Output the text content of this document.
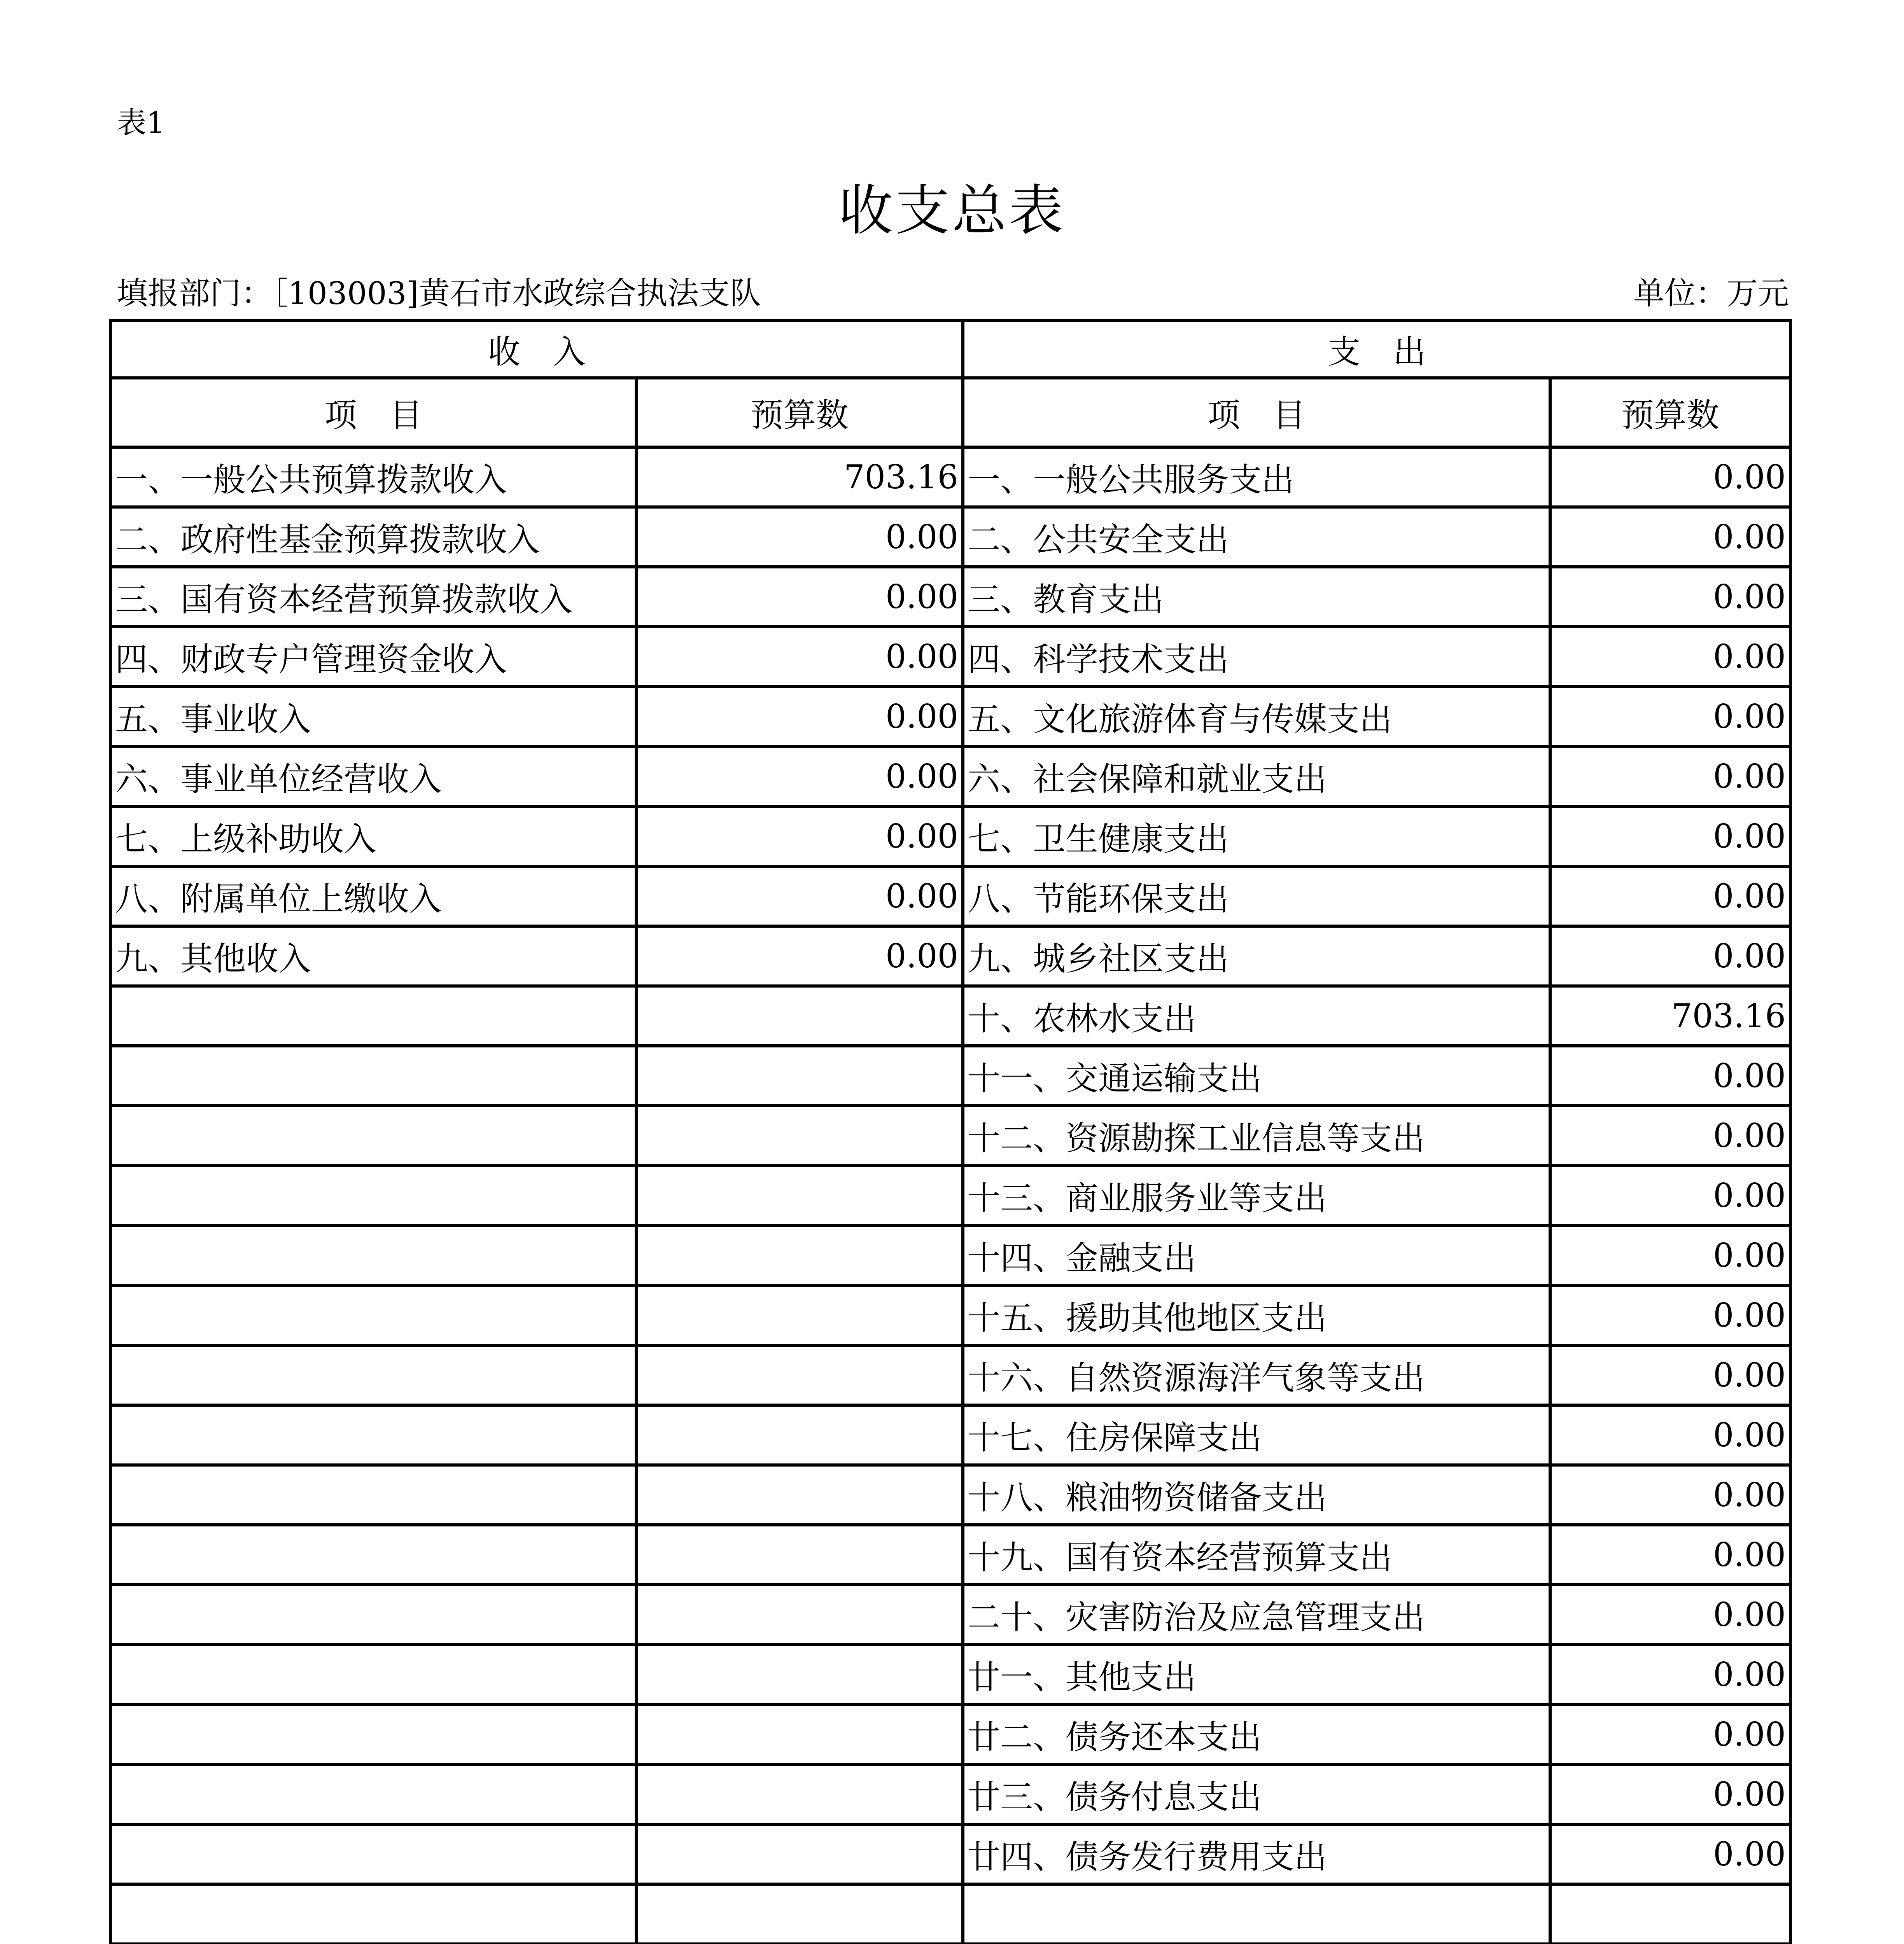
表1
收支总表
填报部门：［103003]黄石市水政综合执法支队	单位：万元
收　入		支　出	
项　目	预算数	项　目	预算数
一、一般公共预算拨款收入	703.16	一、一般公共服务支出	0.00
二、政府性基金预算拨款收入	0.00	二、公共安全支出	0.00
三、国有资本经营预算拨款收入	0.00	三、教育支出	0.00
四、财政专户管理资金收入	0.00	四、科学技术支出	0.00
五、事业收入	0.00	五、文化旅游体育与传媒支出	0.00
六、事业单位经营收入	0.00	六、社会保障和就业支出	0.00
七、上级补助收入	0.00	七、卫生健康支出	0.00
八、附属单位上缴收入	0.00	八、节能环保支出	0.00
九、其他收入	0.00	九、城乡社区支出	0.00
		十、农林水支出	703.16
		十一、交通运输支出	0.00
		十二、资源勘探工业信息等支出	0.00
		十三、商业服务业等支出	0.00
		十四、金融支出	0.00
		十五、援助其他地区支出	0.00
		十六、自然资源海洋气象等支出	0.00
		十七、住房保障支出	0.00
		十八、粮油物资储备支出	0.00
		十九、国有资本经营预算支出	0.00
		二十、灾害防治及应急管理支出	0.00
		廿一、其他支出	0.00
		廿二、债务还本支出	0.00
		廿三、债务付息支出	0.00
		廿四、债务发行费用支出	0.00
